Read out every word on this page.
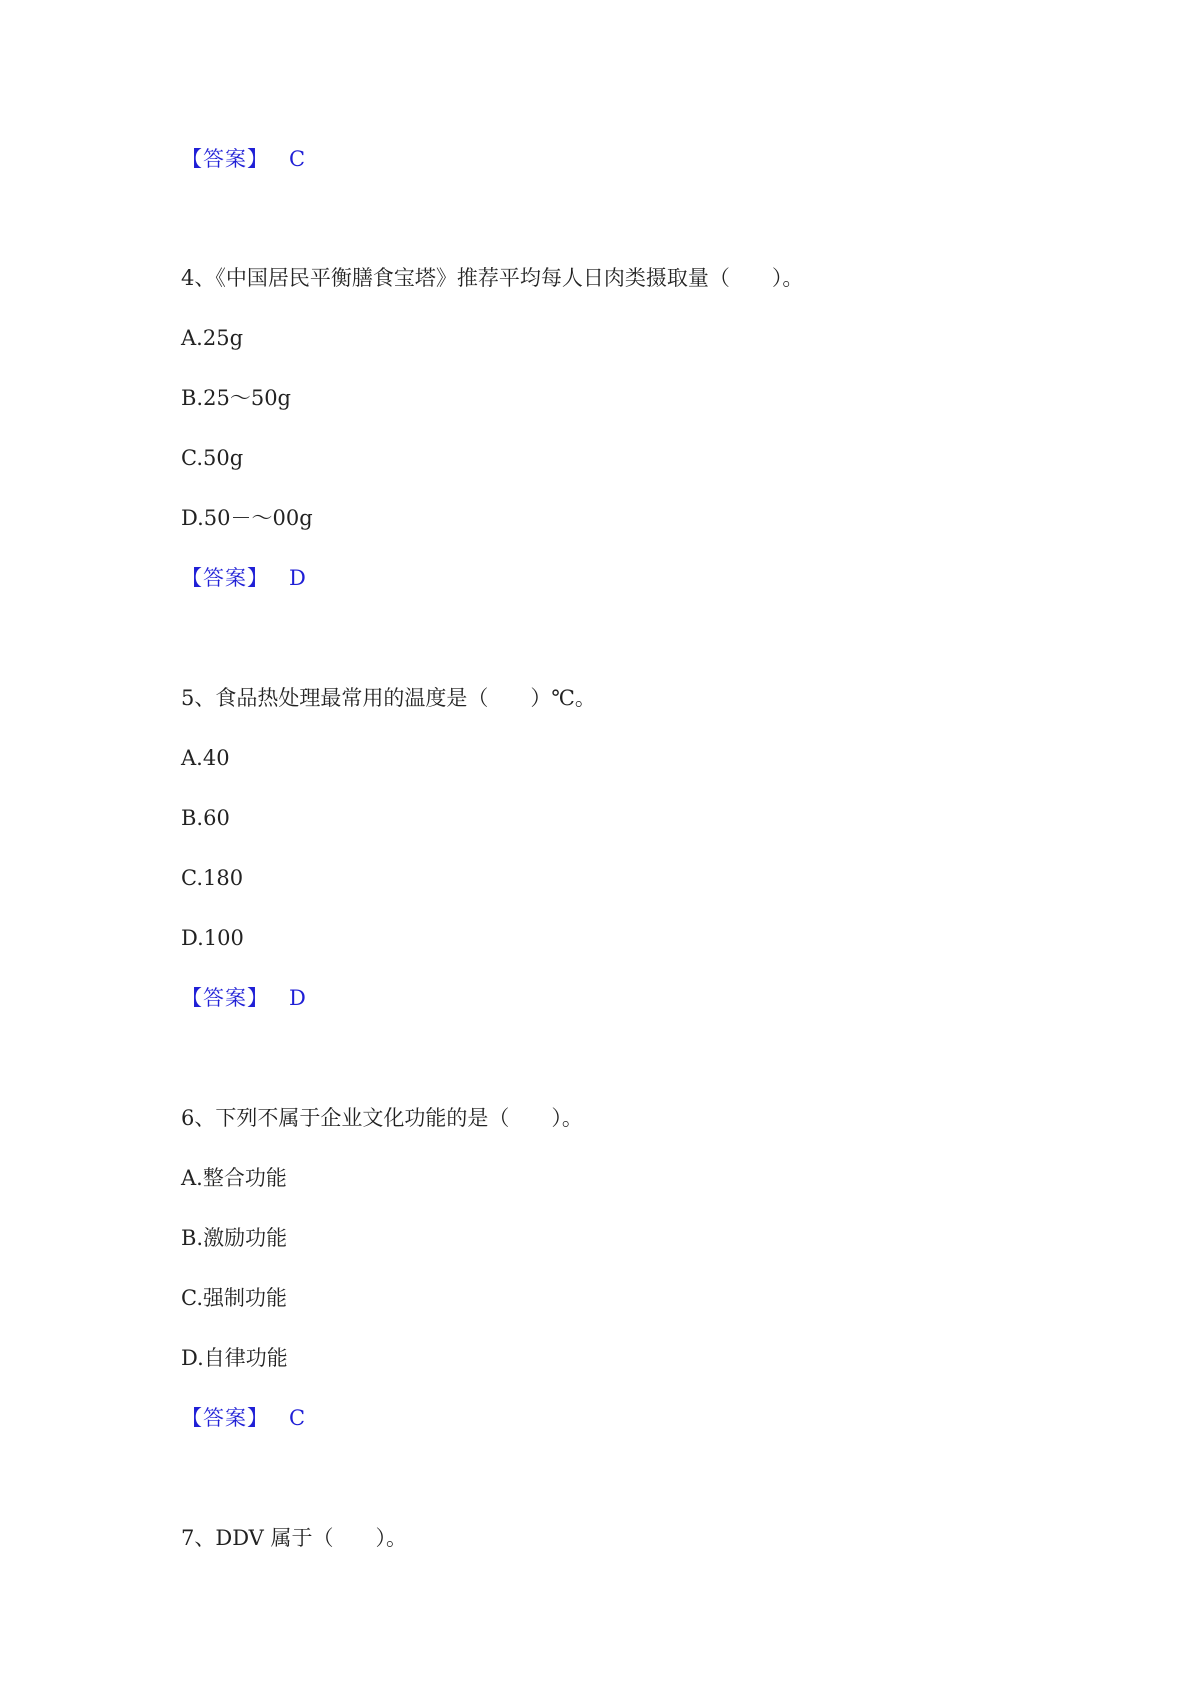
【答案】 C
4、《中国居民平衡膳食宝塔》推荐平均每人日肉类摄取量（　　）。
A.25g
B.25～50g
C.50g
D.50－～00g
【答案】 D
5、食品热处理最常用的温度是（　　）℃。
A.40
B.60
C.180
D.100
【答案】 D
6、下列不属于企业文化功能的是（　　）。
A.整合功能
B.激励功能
C.强制功能
D.自律功能
【答案】 C
7、DDV 属于（　　）。
